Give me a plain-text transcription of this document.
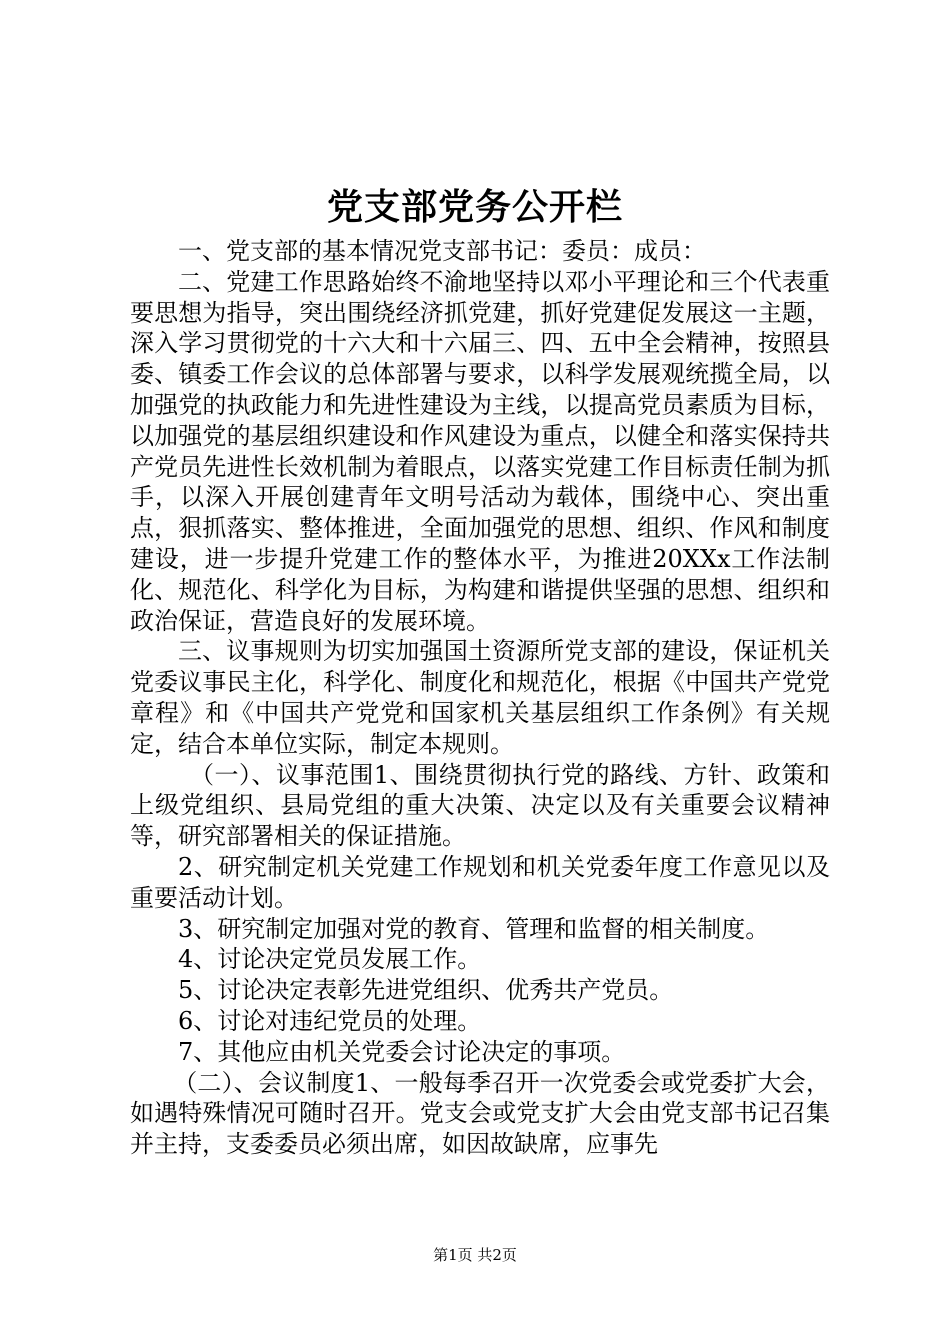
党支部党务公开栏

一、党支部的基本情况党支部书记：委员：成员：

二、党建工作思路始终不渝地坚持以邓小平理论和三个代表重要思想为指导，突出围绕经济抓党建，抓好党建促发展这一主题，深入学习贯彻党的十六大和十六届三、四、五中全会精神，按照县委、镇委工作会议的总体部署与要求，以科学发展观统揽全局，以加强党的执政能力和先进性建设为主线，以提高党员素质为目标，以加强党的基层组织建设和作风建设为重点，以健全和落实保持共产党员先进性长效机制为着眼点，以落实党建工作目标责任制为抓手，以深入开展创建青年文明号活动为载体，围绕中心、突出重点，狠抓落实、整体推进，全面加强党的思想、组织、作风和制度建设，进一步提升党建工作的整体水平，为推进20XXx工作法制化、规范化、科学化为目标，为构建和谐提供坚强的思想、组织和政治保证，营造良好的发展环境。

三、议事规则为切实加强国土资源所党支部的建设，保证机关党委议事民主化，科学化、制度化和规范化，根据《中国共产党党章程》和《中国共产党党和国家机关基层组织工作条例》有关规定，结合本单位实际，制定本规则。

（一）、议事范围1、围绕贯彻执行党的路线、方针、政策和上级党组织、县局党组的重大决策、决定以及有关重要会议精神等，研究部署相关的保证措施。

2、研究制定机关党建工作规划和机关党委年度工作意见以及重要活动计划。

3、研究制定加强对党的教育、管理和监督的相关制度。

4、讨论决定党员发展工作。

5、讨论决定表彰先进党组织、优秀共产党员。

6、讨论对违纪党员的处理。

7、其他应由机关党委会讨论决定的事项。

（二）、会议制度1、一般每季召开一次党委会或党委扩大会，如遇特殊情况可随时召开。党支会或党支扩大会由党支部书记召集并主持，支委委员必须出席，如因故缺席，应事先

第1页 共2页
